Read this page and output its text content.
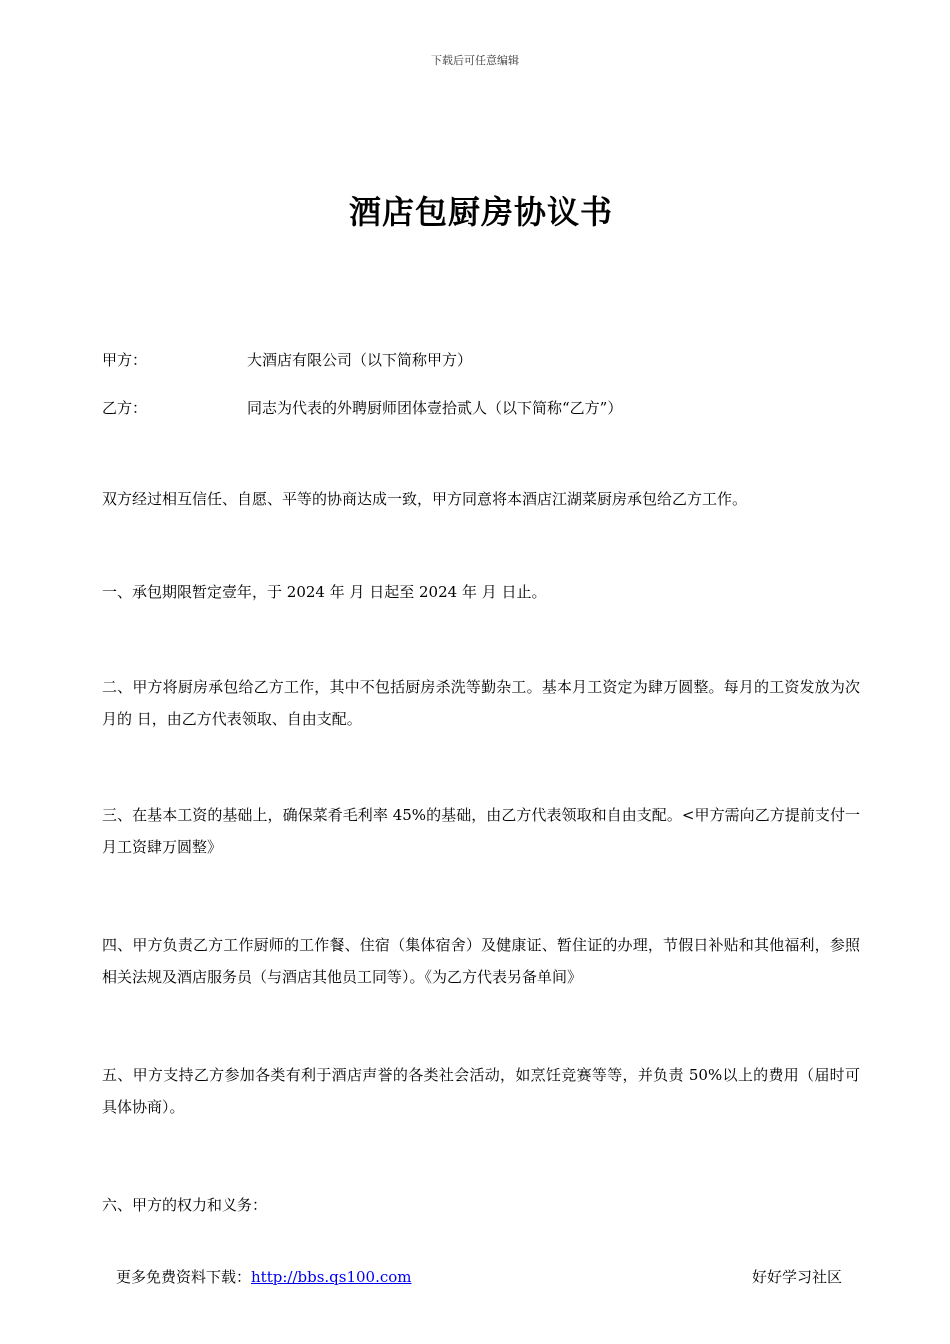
下载后可任意编辑
酒店包厨房协议书
甲方：	大酒店有限公司（以下简称甲方）
乙方：	同志为代表的外聘厨师团体壹拾贰人（以下简称“乙方”）
双方经过相互信任、自愿、平等的协商达成一致，甲方同意将本酒店江湖菜厨房承包给乙方工作。
一、承包期限暂定壹年，于 2024 年 月 日起至 2024 年 月 日止。
二、甲方将厨房承包给乙方工作，其中不包括厨房杀洗等勤杂工。基本月工资定为肆万圆整。每月的工资发放为次月的 日，由乙方代表领取、自由支配。
三、在基本工资的基础上，确保菜肴毛利率 45%的基础，由乙方代表领取和自由支配。<甲方需向乙方提前支付一月工资肆万圆整》
四、甲方负责乙方工作厨师的工作餐、住宿（集体宿舍）及健康证、暂住证的办理，节假日补贴和其他福利，参照相关法规及酒店服务员（与酒店其他员工同等）。《为乙方代表另备单间》
五、甲方支持乙方参加各类有利于酒店声誉的各类社会活动，如烹饪竞赛等等，并负责 50%以上的费用（届时可具体协商）。
六、甲方的权力和义务：
更多免费资料下载：http://bbs.qs100.com	好好学习社区
